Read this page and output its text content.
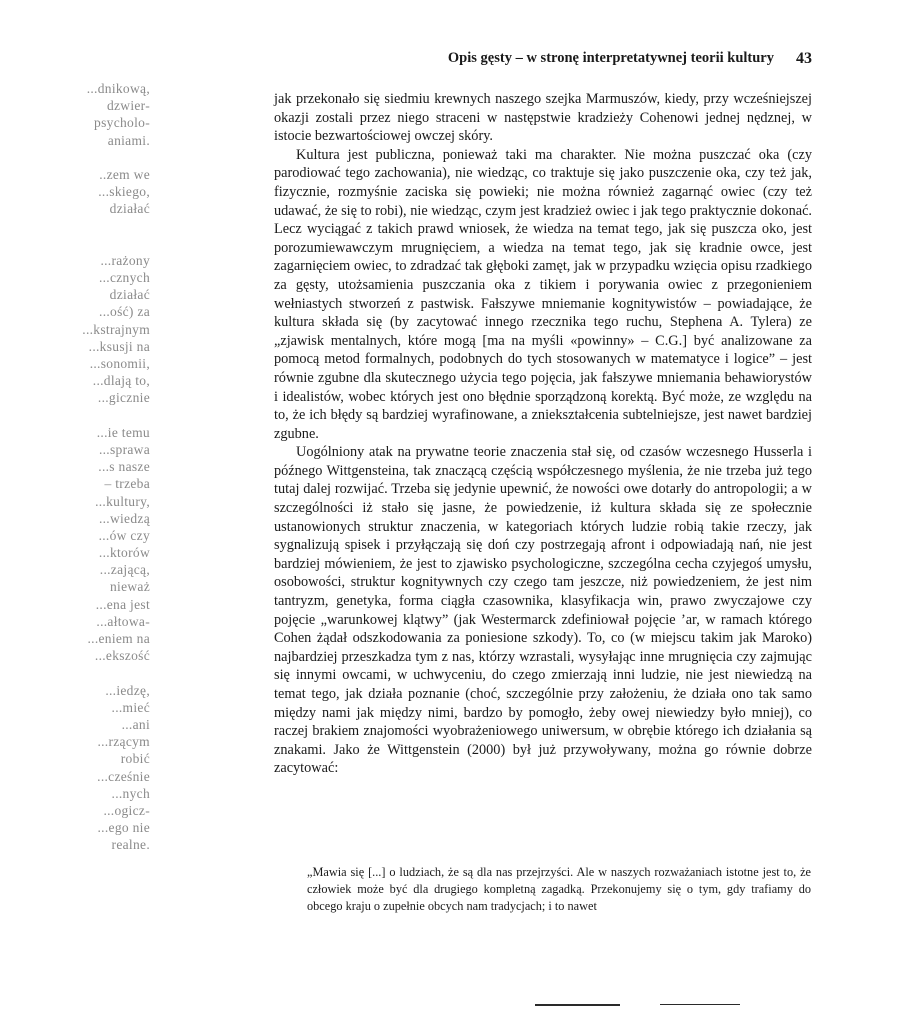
Opis gęsty – w stronę interpretatywnej teorii kultury 43
...dnikową,
dzwier-
psycholo-
aniami.
..zem we
...skiego,
działać
...rażony
...cznych
działać
...ość) za
...kstrajnym
...ksusji na
...sonomii,
...dlają to,
...gicznie
...ie temu
...sprawa
...s nasze
– trzeba
...kultury,
...wiedzą
...ów czy
...ktorów
...zającą,
nieważ
...ena jest
...ałtowa-
...eniem na
...ekszość
...iedzę,
...mieć
...ani
...rzącym
robić
...cześnie
...nych
...ogicz-
...ego nie
realne.

jak przekonało się siedmiu krewnych naszego szejka Marmuszów, kiedy, przy wcześniejszej okazji zostali przez niego straceni w następstwie kradzieży Cohenowi jednej nędznej, w istocie bezwartościowej owczej skóry.

Kultura jest publiczna, ponieważ taki ma charakter. Nie można puszczać oka (czy parodiować tego zachowania), nie wiedząc, co traktuje się jako puszczenie oka, czy też jak, fizycznie, rozmyśnie zaciska się powieki; nie można również zagarnąć owiec (czy też udawać, że się to robi), nie wiedząc, czym jest kradzież owiec i jak tego praktycznie dokonać. Lecz wyciągać z takich prawd wniosek, że wiedza na temat tego, jak się puszcza oko, jest porozumiewawczym mrugnięciem, a wiedza na temat tego, jak się kradnie owce, jest zagarnięciem owiec, to zdradzać tak głęboki zamęt, jak w przypadku wzięcia opisu rzadkiego za gęsty, utożsamienia puszczania oka z tikiem i porywania owiec z przegonieniem wełniastych stworzeń z pastwisk. Fałszywe mniemanie kognitywistów – powiadające, że kultura składa się (by zacytować innego rzecznika tego ruchu, Stephena A. Tylera) ze „zjawisk mentalnych, które mogą [ma na myśli «powinny» – C.G.] być analizowane za pomocą metod formalnych, podobnych do tych stosowanych w matematyce i logice” – jest równie zgubne dla skutecznego użycia tego pojęcia, jak fałszywe mniemania behawiorystów i idealistów, wobec których jest ono błędnie sporządzoną korektą. Być może, ze względu na to, że ich błędy są bardziej wyrafinowane, a zniekształcenia subtelniejsze, jest nawet bardziej zgubne.

Uogólniony atak na prywatne teorie znaczenia stał się, od czasów wczesnego Husserla i późnego Wittgensteina, tak znaczącą częścią współczesnego myślenia, że nie trzeba już tego tutaj dalej rozwijać. Trzeba się jedynie upewnić, że nowości owe dotarły do antropologii; a w szczególności iż stało się jasne, że powiedzenie, iż kultura składa się ze społecznie ustanowionych struktur znaczenia, w kategoriach których ludzie robią takie rzeczy, jak sygnalizują spisek i przyłączają się doń czy postrzegają afront i odpowiadają nań, nie jest bardziej mówieniem, że jest to zjawisko psychologiczne, szczególna cecha czyjegoś umysłu, osobowości, struktur kognitywnych czy czego tam jeszcze, niż powiedzeniem, że jest nim tantryzm, genetyka, forma ciągła czasownika, klasyfikacja win, prawo zwyczajowe czy pojęcie „warunkowej klątwy” (jak Westermarck zdefiniował pojęcie ’ar, w ramach którego Cohen żądał odszkodowania za poniesione szkody). To, co (w miejscu takim jak Maroko) najbardziej przeszkadza tym z nas, którzy wzrastali, wysyłając inne mrugnięcia czy zajmując się innymi owcami, w uchwyceniu, do czego zmierzają inni ludzie, nie jest niewiedzą na temat tego, jak działa poznanie (choć, szczególnie przy założeniu, że działa ono tak samo między nami jak między nimi, bardzo by pomogło, żeby owej niewiedzy było mniej), co raczej brakiem znajomości wyobrażeniowego uniwersum, w obrębie którego ich działania są znakami. Jako że Wittgenstein (2000) był już przywoływany, można go równie dobrze zacytować:

„Mawia się [...] o ludziach, że są dla nas przejrzyści. Ale w naszych rozważaniach istotne jest to, że człowiek może być dla drugiego kompletną zagadką. Przekonujemy się o tym, gdy trafiamy do obcego kraju o zupełnie obcych nam tradycjach; i to nawet
